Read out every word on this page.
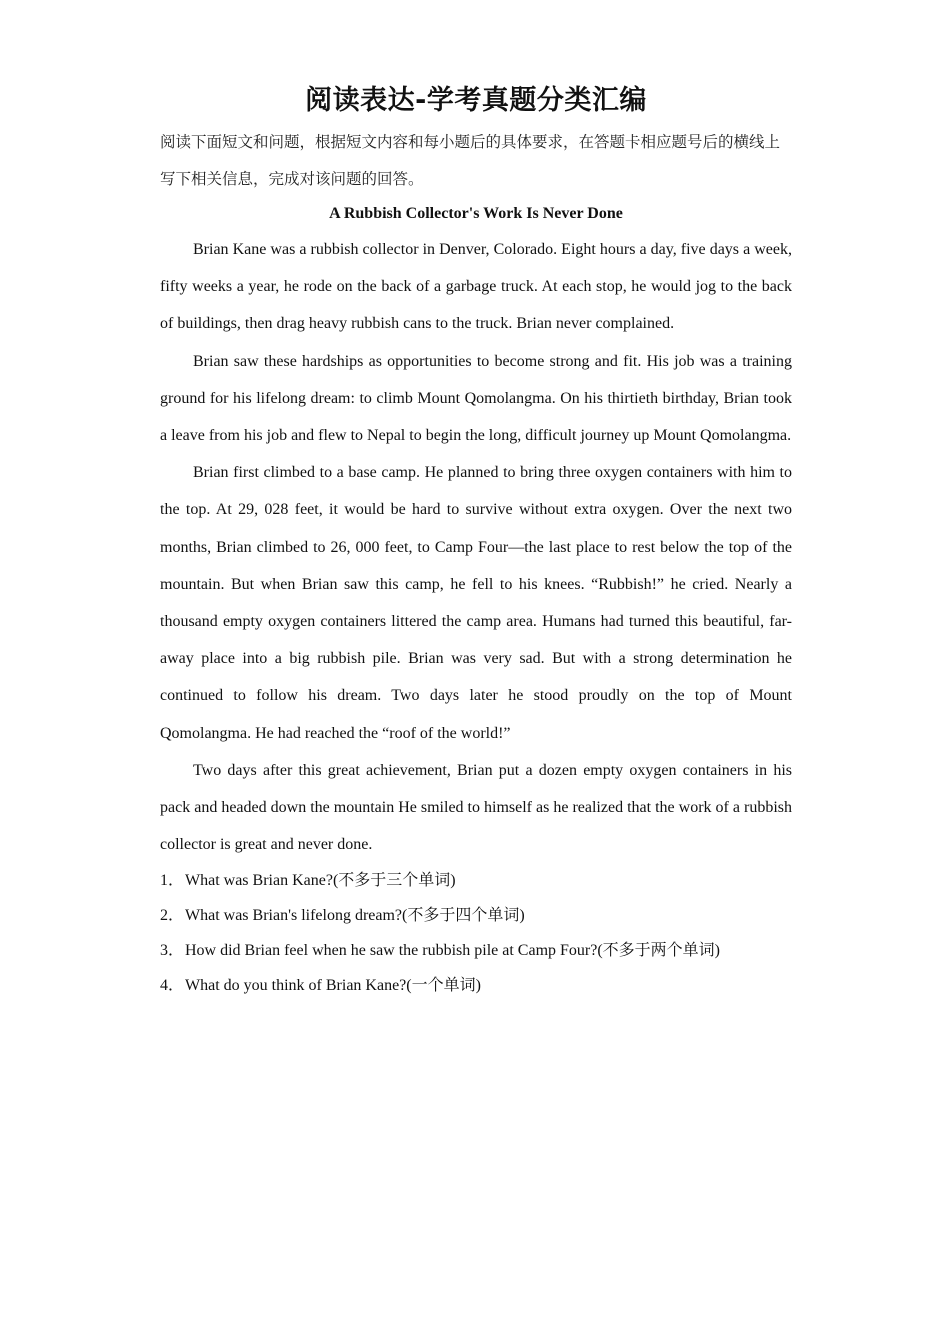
阅读表达-学考真题分类汇编

阅读下面短文和问题，根据短文内容和每小题后的具体要求，在答题卡相应题号后的横线上写下相关信息，完成对该问题的回答。

A Rubbish Collector's Work Is Never Done

Brian Kane was a rubbish collector in Denver, Colorado. Eight hours a day, five days a week, fifty weeks a year, he rode on the back of a garbage truck. At each stop, he would jog to the back of buildings, then drag heavy rubbish cans to the truck. Brian never complained.

Brian saw these hardships as opportunities to become strong and fit. His job was a training ground for his lifelong dream: to climb Mount Qomolangma. On his thirtieth birthday, Brian took a leave from his job and flew to Nepal to begin the long, difficult journey up Mount Qomolangma.

Brian first climbed to a base camp. He planned to bring three oxygen containers with him to the top. At 29, 028 feet, it would be hard to survive without extra oxygen. Over the next two months, Brian climbed to 26, 000 feet, to Camp Four—the last place to rest below the top of the mountain. But when Brian saw this camp, he fell to his knees. “Rubbish!” he cried. Nearly a thousand empty oxygen containers littered the camp area. Humans had turned this beautiful, far-away place into a big rubbish pile. Brian was very sad. But with a strong determination he continued to follow his dream. Two days later he stood proudly on the top of Mount Qomolangma. He had reached the “roof of the world!”

Two days after this great achievement, Brian put a dozen empty oxygen containers in his pack and headed down the mountain He smiled to himself as he realized that the work of a rubbish collector is great and never done.

1．What was Brian Kane?(不多于三个单词)

2．What was Brian's lifelong dream?(不多于四个单词)

3．How did Brian feel when he saw the rubbish pile at Camp Four?(不多于两个单词)

4．What do you think of Brian Kane?(一个单词)
